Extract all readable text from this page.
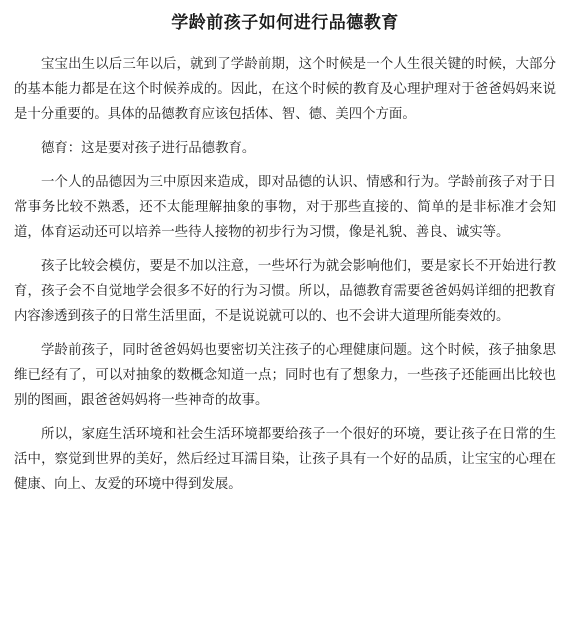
学龄前孩子如何进行品德教育

宝宝出生以后三年以后，就到了学龄前期，这个时候是一个人生很关键的时候，大部分的基本能力都是在这个时候养成的。因此，在这个时候的教育及心理护理对于爸爸妈妈来说是十分重要的。具体的品德教育应该包括体、智、德、美四个方面。

德育：这是要对孩子进行品德教育。

一个人的品德因为三中原因来造成，即对品德的认识、情感和行为。学龄前孩子对于日常事务比较不熟悉，还不太能理解抽象的事物，对于那些直接的、简单的是非标准才会知道，体育运动还可以培养一些待人接物的初步行为习惯，像是礼貌、善良、诚实等。

孩子比较会模仿，要是不加以注意，一些坏行为就会影响他们，要是家长不开始进行教育，孩子会不自觉地学会很多不好的行为习惯。所以，品德教育需要爸爸妈妈详细的把教育内容渗透到孩子的日常生活里面，不是说说就可以的、也不会讲大道理所能奏效的。

学龄前孩子，同时爸爸妈妈也要密切关注孩子的心理健康问题。这个时候，孩子抽象思维已经有了，可以对抽象的数概念知道一点；同时也有了想象力，一些孩子还能画出比较也别的图画，跟爸爸妈妈将一些神奇的故事。

所以，家庭生活环境和社会生活环境都要给孩子一个很好的环境，要让孩子在日常的生活中，察觉到世界的美好，然后经过耳濡目染，让孩子具有一个好的品质，让宝宝的心理在健康、向上、友爱的环境中得到发展。
